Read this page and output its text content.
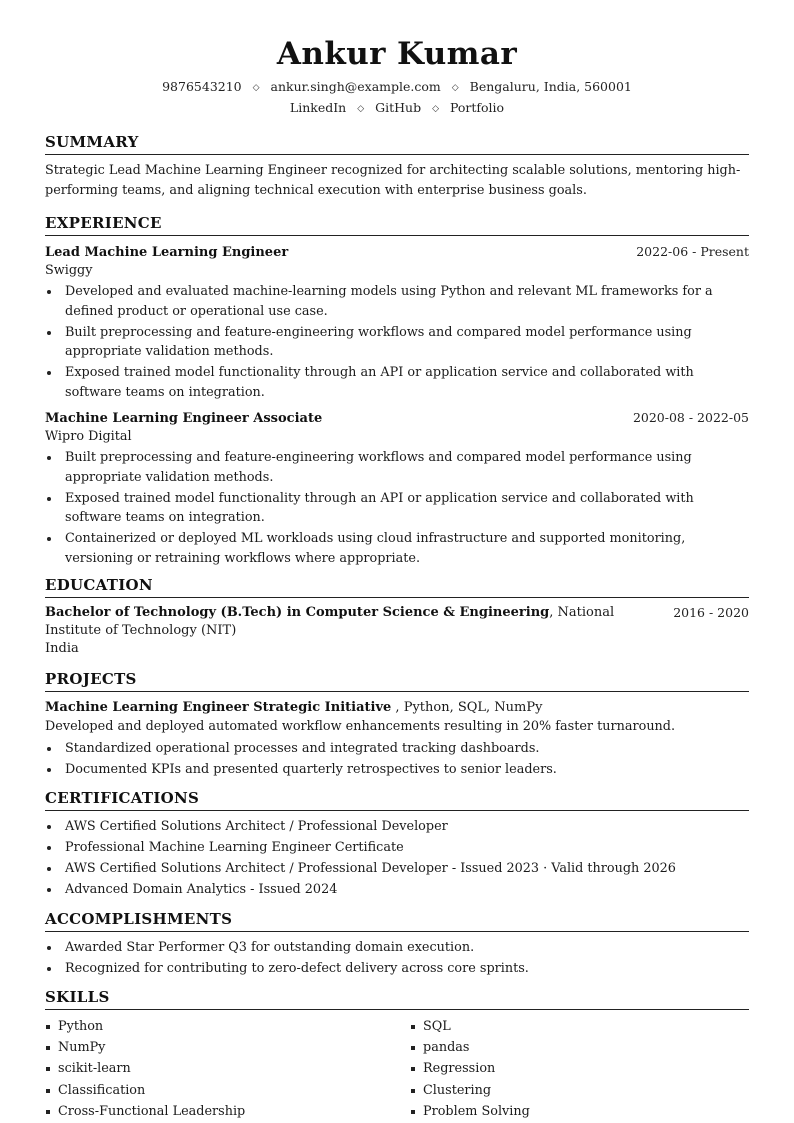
Ankur Kumar
9876543210 ◇ ankur.singh@example.com ◇ Bengaluru, India, 560001
LinkedIn ◇ GitHub ◇ Portfolio
SUMMARY

Strategic Lead Machine Learning Engineer recognized for architecting scalable solutions, mentoring high-performing teams, and aligning technical execution with enterprise business goals.

EXPERIENCE
Lead Machine Learning Engineer	2022-06 - Present
Swiggy
Developed and evaluated machine-learning models using Python and relevant ML frameworks for a defined product or operational use case.
Built preprocessing and feature-engineering workflows and compared model performance using appropriate validation methods.
Exposed trained model functionality through an API or application service and collaborated with software teams on integration.
Machine Learning Engineer Associate	2020-08 - 2022-05
Wipro Digital
Built preprocessing and feature-engineering workflows and compared model performance using appropriate validation methods.
Exposed trained model functionality through an API or application service and collaborated with software teams on integration.
Containerized or deployed ML workloads using cloud infrastructure and supported monitoring, versioning or retraining workflows where appropriate.
EDUCATION
Bachelor of Technology (B.Tech) in Computer Science & Engineering, National Institute of Technology (NIT)
India
2016 - 2020
PROJECTS
Machine Learning Engineer Strategic Initiative , Python, SQL, NumPy

Developed and deployed automated workflow enhancements resulting in 20% faster turnaround.

Standardized operational processes and integrated tracking dashboards.
Documented KPIs and presented quarterly retrospectives to senior leaders.
CERTIFICATIONS
AWS Certified Solutions Architect / Professional Developer
Professional Machine Learning Engineer Certificate
AWS Certified Solutions Architect / Professional Developer - Issued 2023 · Valid through 2026
Advanced Domain Analytics - Issued 2024
ACCOMPLISHMENTS
Awarded Star Performer Q3 for outstanding domain execution.
Recognized for contributing to zero-defect delivery across core sprints.
SKILLS
Python	SQL
NumPy	pandas
scikit-learn	Regression
Classification	Clustering
Cross-Functional Leadership	Problem Solving
